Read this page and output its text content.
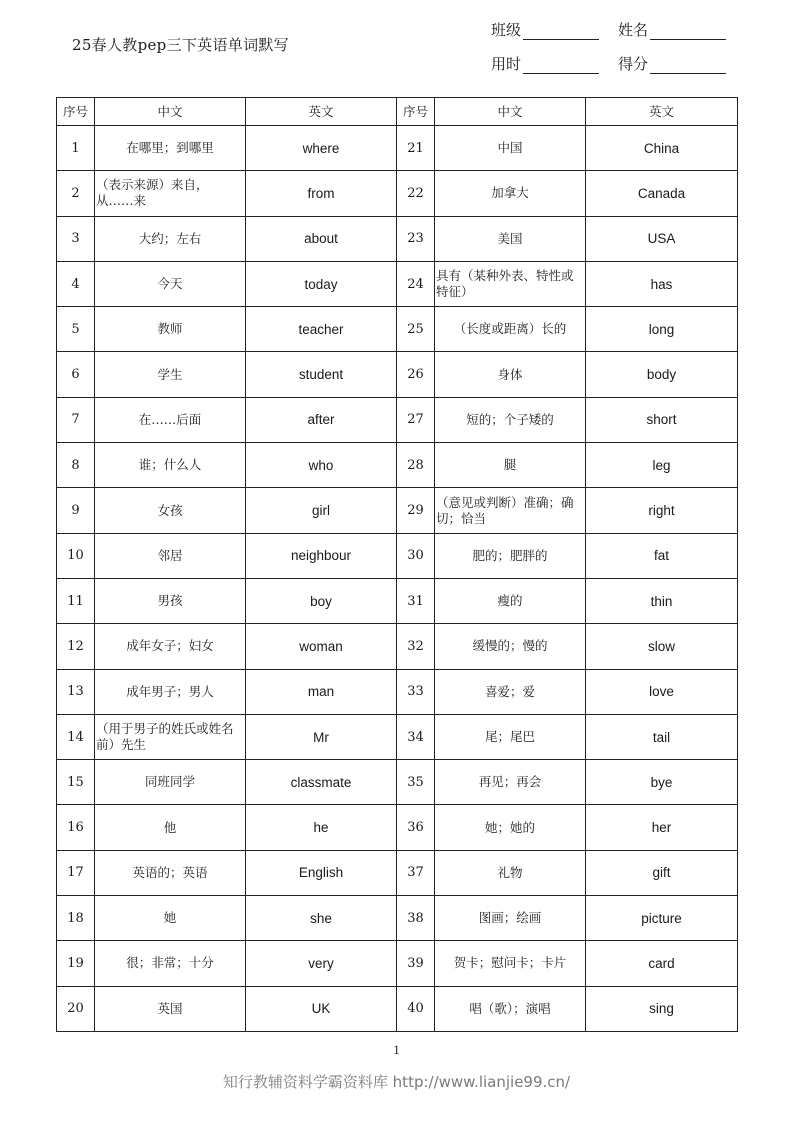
25春人教pep三下英语单词默写
班级	姓名
用时	得分
序号	中文	英文	序号	中文	英文
1	在哪里；到哪里	where	21	中国	China
2	（表示来源）来自，从……来	from	22	加拿大	Canada
3	大约；左右	about	23	美国	USA
4	今天	today	24	具有（某种外表、特性或特征）	has
5	教师	teacher	25	（长度或距离）长的	long
6	学生	student	26	身体	body
7	在……后面	after	27	短的；个子矮的	short
8	谁；什么人	who	28	腿	leg
9	女孩	girl	29	（意见或判断）准确；确切；恰当	right
10	邻居	neighbour	30	肥的；肥胖的	fat
11	男孩	boy	31	瘦的	thin
12	成年女子；妇女	woman	32	缓慢的；慢的	slow
13	成年男子；男人	man	33	喜爱；爱	love
14	（用于男子的姓氏或姓名前）先生	Mr	34	尾；尾巴	tail
15	同班同学	classmate	35	再见；再会	bye
16	他	he	36	她；她的	her
17	英语的；英语	English	37	礼物	gift
18	她	she	38	图画；绘画	picture
19	很；非常；十分	very	39	贺卡；慰问卡；卡片	card
20	英国	UK	40	唱（歌）；演唱	sing
1
知行教辅资料学霸资料库 http://www.lianjie99.cn/
